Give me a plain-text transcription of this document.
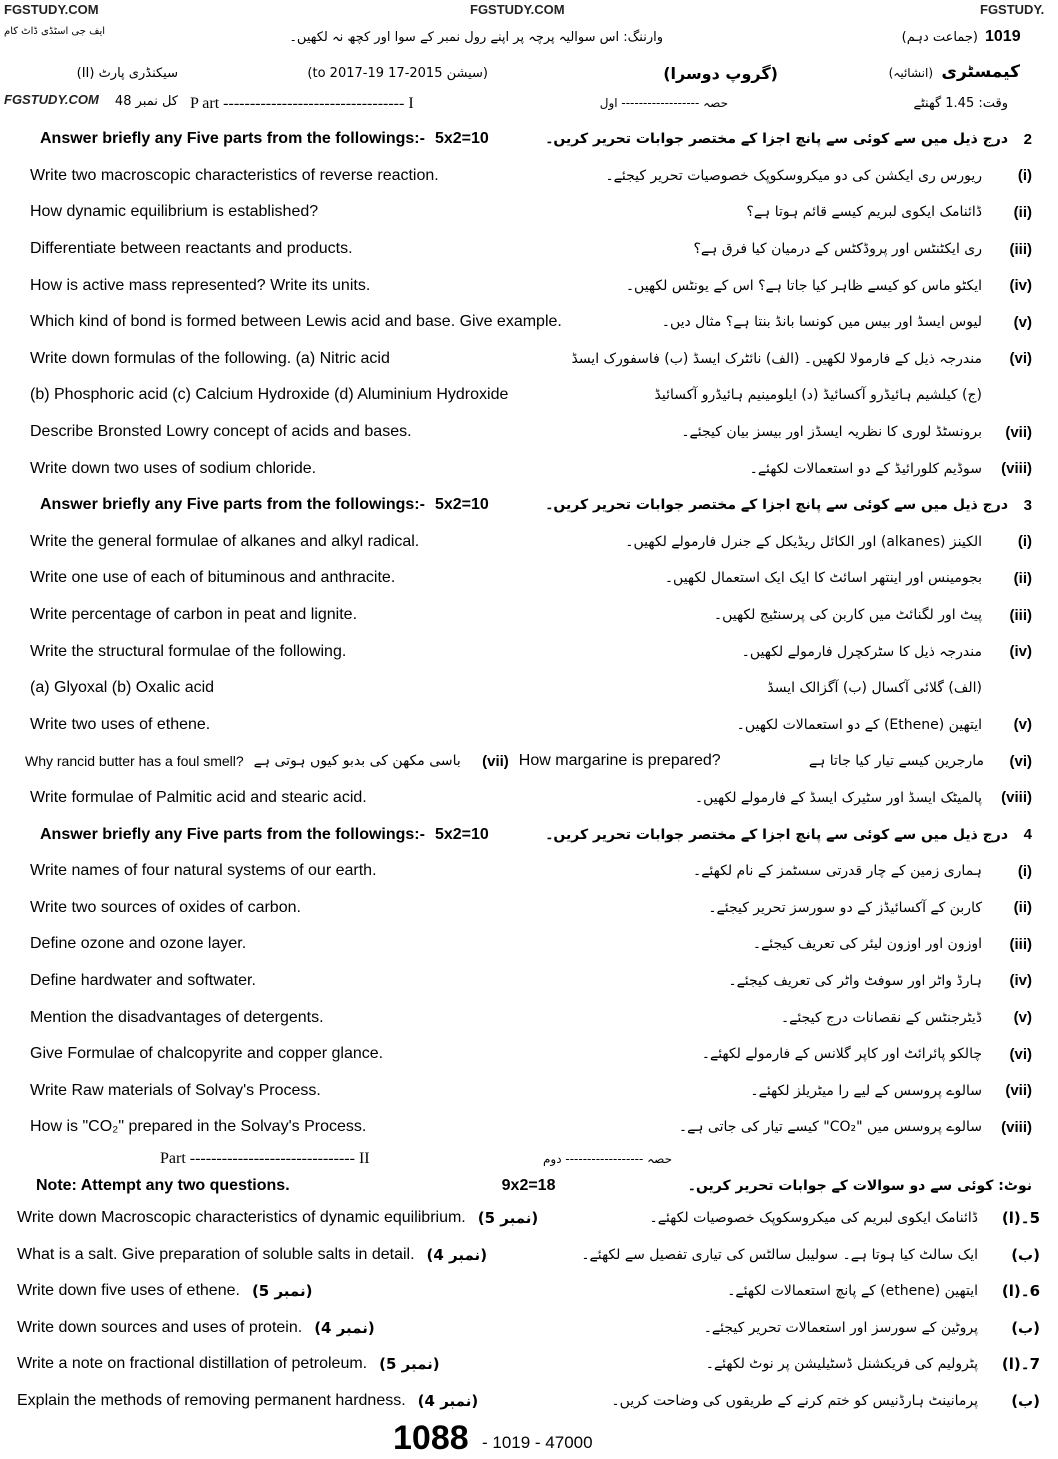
FGSTUDY.COM	FGSTUDY.COM	FGSTUDY.
ایف جی اسٹڈی ڈاٹ کام	1019
(جماعت دہم)
وارننگ: اس سوالیہ پرچہ پر اپنے رول نمبر کے سوا اور کچھ نہ لکھیں۔
کیمسٹری
(انشائیہ)
(گروپ دوسرا)
(سیشن 2015-17 to 2017-19)
سیکنڈری پارٹ (II)
FGSTUDY.COM کل نمبر 48 P art ---------------------------------- I	حصہ ------------------ اول	وقت: 1.45 گھنٹے
Answer briefly any Five parts from the followings:- 5x2=10	درج ذیل میں سے کوئی سے پانچ اجزا کے مختصر جوابات تحریر کریں۔	2
Write two macroscopic characteristics of reverse reaction.	ریورس ری ایکشن کی دو میکروسکوپک خصوصیات تحریر کیجئے۔	(i)
How dynamic equilibrium is established?	ڈائنامک ایکوی لبریم کیسے قائم ہوتا ہے؟	(ii)
Differentiate between reactants and products.	ری ایکٹنٹس اور پروڈکٹس کے درمیان کیا فرق ہے؟	(iii)
How is active mass represented? Write its units.	ایکٹو ماس کو کیسے ظاہر کیا جاتا ہے؟ اس کے یونٹس لکھیں۔	(iv)
Which kind of bond is formed between Lewis acid and base. Give example.	لیوس ایسڈ اور بیس میں کونسا بانڈ بنتا ہے؟ مثال دیں۔	(v)
Write down formulas of the following. (a) Nitric acid	مندرجہ ذیل کے فارمولا لکھیں۔ (الف) نائٹرک ایسڈ (ب) فاسفورک ایسڈ	(vi)
(b) Phosphoric acid (c) Calcium Hydroxide (d) Aluminium Hydroxide	(ج) کیلشیم ہائیڈرو آکسائیڈ (د) ایلومینیم ہائیڈرو آکسائیڈ
Describe Bronsted Lowry concept of acids and bases.	برونسٹڈ لوری کا نظریہ ایسڈز اور بیسز بیان کیجئے۔	(vii)
Write down two uses of sodium chloride.	سوڈیم کلورائیڈ کے دو استعمالات لکھئے۔	(viii)
Answer briefly any Five parts from the followings:- 5x2=10	درج ذیل میں سے کوئی سے پانچ اجزا کے مختصر جوابات تحریر کریں۔	3
Write the general formulae of alkanes and alkyl radical.	الکینز (alkanes) اور الکائل ریڈیکل کے جنرل فارمولے لکھیں۔	(i)
Write one use of each of bituminous and anthracite.	بجومینس اور اینتھر اسائٹ کا ایک ایک استعمال لکھیں۔	(ii)
Write percentage of carbon in peat and lignite.	پیٹ اور لگنائٹ میں کاربن کی پرسنٹیج لکھیں۔	(iii)
Write the structural formulae of the following.	مندرجہ ذیل کا سٹرکچرل فارمولے لکھیں۔	(iv)
(a) Glyoxal (b) Oxalic acid	(الف) گلائی آکسال (ب) آگزالک ایسڈ
Write two uses of ethene.	ایتھین (Ethene) کے دو استعمالات لکھیں۔	(v)
Why rancid butter has a foul smell? باسی مکھن کی بدبو کیوں ہوتی ہے	(vii) How margarine is prepared?	مارجرین کیسے تیار کیا جاتا ہے	(vi)
Write formulae of Palmitic acid and stearic acid.	پالمیٹک ایسڈ اور سٹیرک ایسڈ کے فارمولے لکھیں۔	(viii)
Answer briefly any Five parts from the followings:- 5x2=10	درج ذیل میں سے کوئی سے پانچ اجزا کے مختصر جوابات تحریر کریں۔	4
Write names of four natural systems of our earth.	ہماری زمین کے چار قدرتی سسٹمز کے نام لکھئے۔	(i)
Write two sources of oxides of carbon.	کاربن کے آکسائیڈز کے دو سورسز تحریر کیجئے۔	(ii)
Define ozone and ozone layer.	اوزون اور اوزون لیئر کی تعریف کیجئے۔	(iii)
Define hardwater and softwater.	ہارڈ واٹر اور سوفٹ واٹر کی تعریف کیجئے۔	(iv)
Mention the disadvantages of detergents.	ڈیٹرجنٹس کے نقصانات درج کیجئے۔	(v)
Give Formulae of chalcopyrite and copper glance.	چالکو پائرائٹ اور کاپر گلانس کے فارمولے لکھئے۔	(vi)
Write Raw materials of Solvay's Process.	سالوے پروسس کے لیے را میٹریلز لکھئے۔	(vii)
How is "CO₂" prepared in the Solvay's Process.	سالوے پروسس میں "CO₂" کیسے تیار کی جاتی ہے۔	(viii)
Part ------------------------------- II	حصہ ------------------ دوم
Note: Attempt any two questions.	9x2=18	نوٹ: کوئی سے دو سوالات کے جوابات تحریر کریں۔
Write down Macroscopic characteristics of dynamic equilibrium. (5 نمبر)	ڈائنامک ایکوی لبریم کی میکروسکوپک خصوصیات لکھئے۔	5۔(ا)
What is a salt. Give preparation of soluble salts in detail. (4 نمبر)	ایک سالٹ کیا ہوتا ہے۔ سولیبل سالٹس کی تیاری تفصیل سے لکھئے۔	(ب)
Write down five uses of ethene. (5 نمبر)	ایتھین (ethene) کے پانچ استعمالات لکھئے۔	6۔(ا)
Write down sources and uses of protein. (4 نمبر)	پروٹین کے سورسز اور استعمالات تحریر کیجئے۔	(ب)
Write a note on fractional distillation of petroleum. (5 نمبر)	پٹرولیم کی فریکشنل ڈسٹیلیشن پر نوٹ لکھئے۔	7۔(ا)
Explain the methods of removing permanent hardness. (4 نمبر)	پرمانینٹ ہارڈنیس کو ختم کرنے کے طریقوں کی وضاحت کریں۔	(ب)
1088 - 1019 - 47000
